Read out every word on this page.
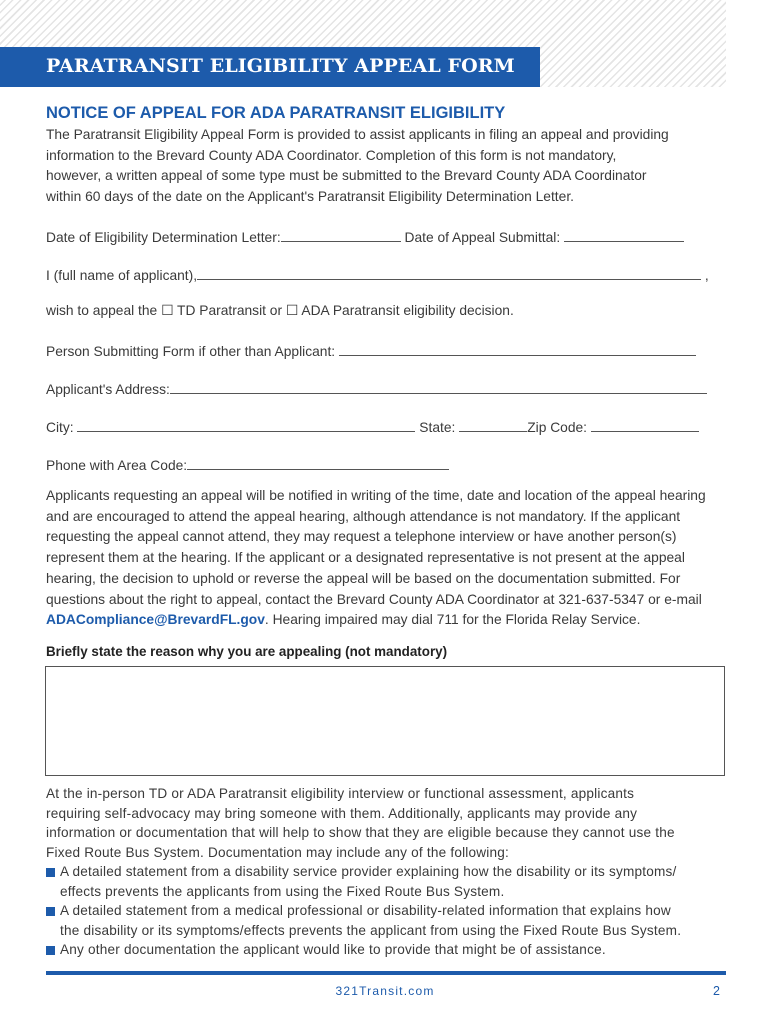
PARATRANSIT ELIGIBILITY APPEAL FORM
NOTICE OF APPEAL FOR ADA PARATRANSIT ELIGIBILITY
The Paratransit Eligibility Appeal Form is provided to assist applicants in filing an appeal and providing
information to the Brevard County ADA Coordinator. Completion of this form is not mandatory,
however, a written appeal of some type must be submitted to the Brevard County ADA Coordinator
within 60 days of the date on the Applicant's Paratransit Eligibility Determination Letter.
Date of Eligibility Determination Letter:	Date of Appeal Submittal:
I (full name of applicant),	,
wish to appeal the ☐ TD Paratransit or ☐ ADA Paratransit eligibility decision.
Person Submitting Form if other than Applicant:
Applicant's Address:
City:	State:	Zip Code:
Phone with Area Code:
Applicants requesting an appeal will be notified in writing of the time, date and location of the appeal hearing
and are encouraged to attend the appeal hearing, although attendance is not mandatory. If the applicant
requesting the appeal cannot attend, they may request a telephone interview or have another person(s)
represent them at the hearing. If the applicant or a designated representative is not present at the appeal
hearing, the decision to uphold or reverse the appeal will be based on the documentation submitted. For
questions about the right to appeal, contact the Brevard County ADA Coordinator at 321-637-5347 or e-mail
ADACompliance@BrevardFL.gov. Hearing impaired may dial 711 for the Florida Relay Service.
Briefly state the reason why you are appealing (not mandatory)
At the in-person TD or ADA Paratransit eligibility interview or functional assessment, applicants
requiring self-advocacy may bring someone with them. Additionally, applicants may provide any
information or documentation that will help to show that they are eligible because they cannot use the
Fixed Route Bus System. Documentation may include any of the following:
A detailed statement from a disability service provider explaining how the disability or its symptoms/
effects prevents the applicants from using the Fixed Route Bus System.
A detailed statement from a medical professional or disability-related information that explains how
the disability or its symptoms/effects prevents the applicant from using the Fixed Route Bus System.
Any other documentation the applicant would like to provide that might be of assistance.
321Transit.com	2
